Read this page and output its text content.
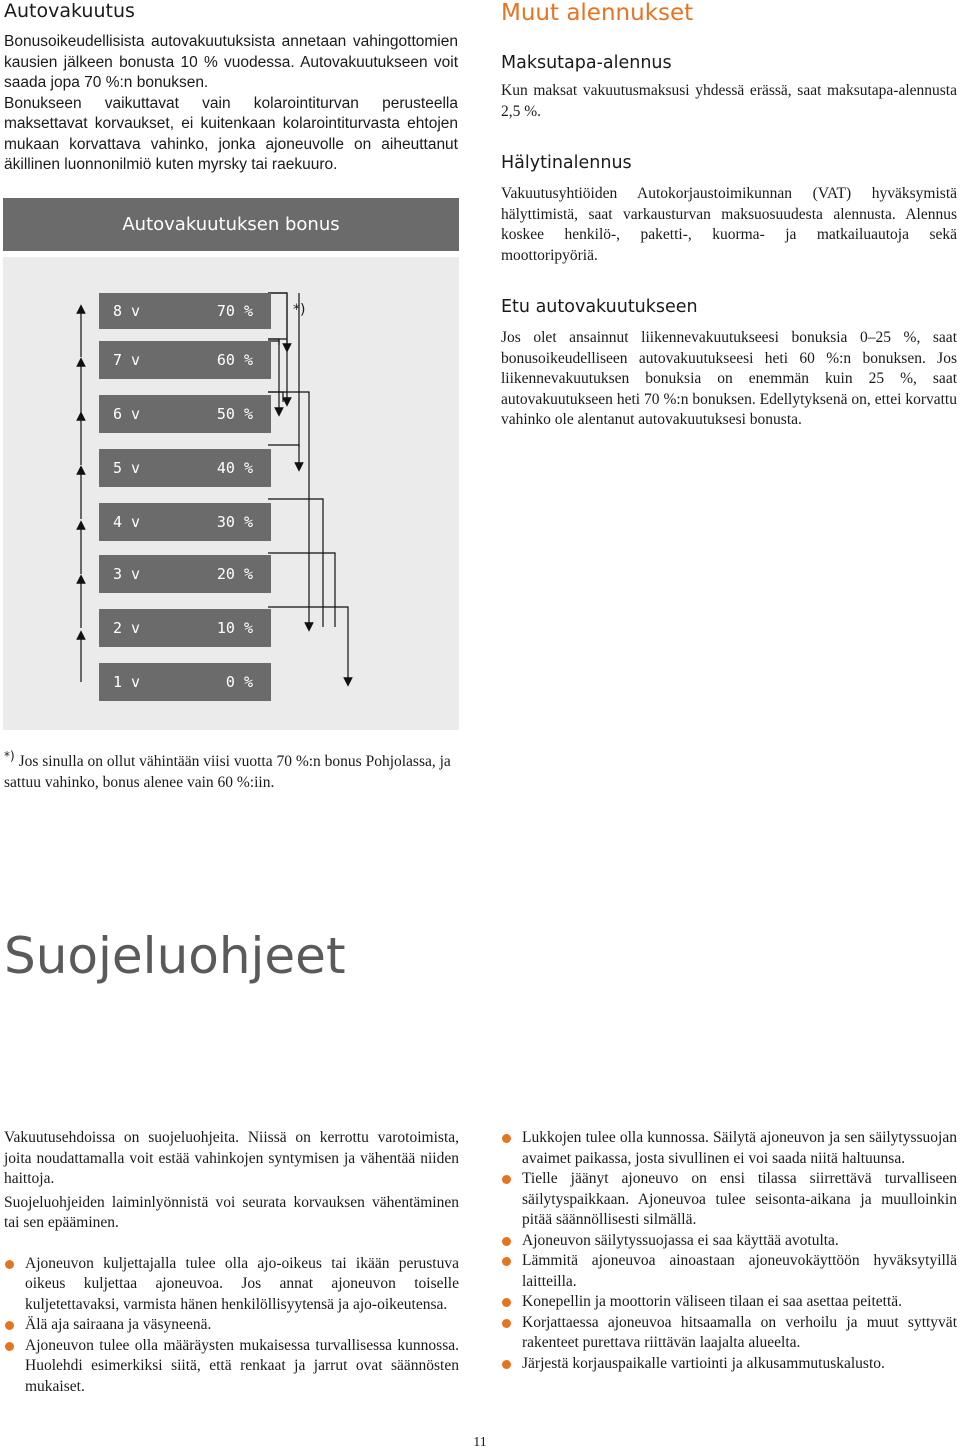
Autovakuutus

Bonusoikeudellisista autovakuutuksista annetaan vahingottomien kausien jälkeen bonusta 10 % vuodessa. Autovakuutukseen voit saada jopa 70 %:n bonuksen.

Bonukseen vaikuttavat vain kolarointiturvan perusteella maksettavat korvaukset, ei kuitenkaan kolarointiturvasta ehtojen mukaan korvattava vahinko, jonka ajoneuvolle on aiheuttanut äkillinen luonnonilmiö kuten myrsky tai raekuuro.

Autovakuutuksen bonus
*)
8 v	70 %
7 v	60 %
6 v	50 %
5 v	40 %
4 v	30 %
3 v	20 %
2 v	10 %
1 v	0 %

*) Jos sinulla on ollut vähintään viisi vuotta 70 %:n bonus Pohjolassa, ja sattuu vahinko, bonus alenee vain 60 %:iin.

Muut alennukset
Maksutapa-alennus

Kun maksat vakuutusmaksusi yhdessä erässä, saat maksutapa-alennusta 2,5 %.

Hälytinalennus

Vakuutusyhtiöiden Autokorjaustoimikunnan (VAT) hyväksymistä hälyttimistä, saat varkausturvan maksuosuudesta alennusta. Alennus koskee henkilö-, paketti-, kuorma- ja matkailuautoja sekä moottoripyöriä.

Etu autovakuutukseen

Jos olet ansainnut liikennevakuutukseesi bonuksia 0–25 %, saat bonusoikeudelliseen autovakuutukseesi heti 60 %:n bonuksen. Jos liikennevakuutuksen bonuksia on enemmän kuin 25 %, saat autovakuutukseen heti 70 %:n bonuksen. Edellytyksenä on, ettei korvattu vahinko ole alentanut autovakuutuksesi bonusta.

Suojeluohjeet

Vakuutusehdoissa on suojeluohjeita. Niissä on kerrottu varotoimista, joita noudattamalla voit estää vahinkojen syntymisen ja vähentää niiden haittoja.

Suojeluohjeiden laiminlyönnistä voi seurata korvauksen vähentäminen tai sen epääminen.

Ajoneuvon kuljettajalla tulee olla ajo-oikeus tai ikään perustuva oikeus kuljettaa ajoneuvoa. Jos annat ajoneuvon toiselle kuljetettavaksi, varmista hänen henkilöllisyytensä ja ajo-oikeutensa.
Älä aja sairaana ja väsyneenä.
Ajoneuvon tulee olla määräysten mukaisessa turvallisessa kunnossa. Huolehdi esimerkiksi siitä, että renkaat ja jarrut ovat säännösten mukaiset.
Lukkojen tulee olla kunnossa. Säilytä ajoneuvon ja sen säilytyssuojan avaimet paikassa, josta sivullinen ei voi saada niitä haltuunsa.
Tielle jäänyt ajoneuvo on ensi tilassa siirrettävä turvalliseen säilytyspaikkaan. Ajoneuvoa tulee seisonta-aikana ja muulloinkin pitää säännöllisesti silmällä.
Ajoneuvon säilytyssuojassa ei saa käyttää avotulta.
Lämmitä ajoneuvoa ainoastaan ajoneuvokäyttöön hyväksytyillä laitteilla.
Konepellin ja moottorin väliseen tilaan ei saa asettaa peitettä.
Korjattaessa ajoneuvoa hitsaamalla on verhoilu ja muut syttyvät rakenteet purettava riittävän laajalta alueelta.
Järjestä korjauspaikalle vartiointi ja alkusammutuskalusto.
11
